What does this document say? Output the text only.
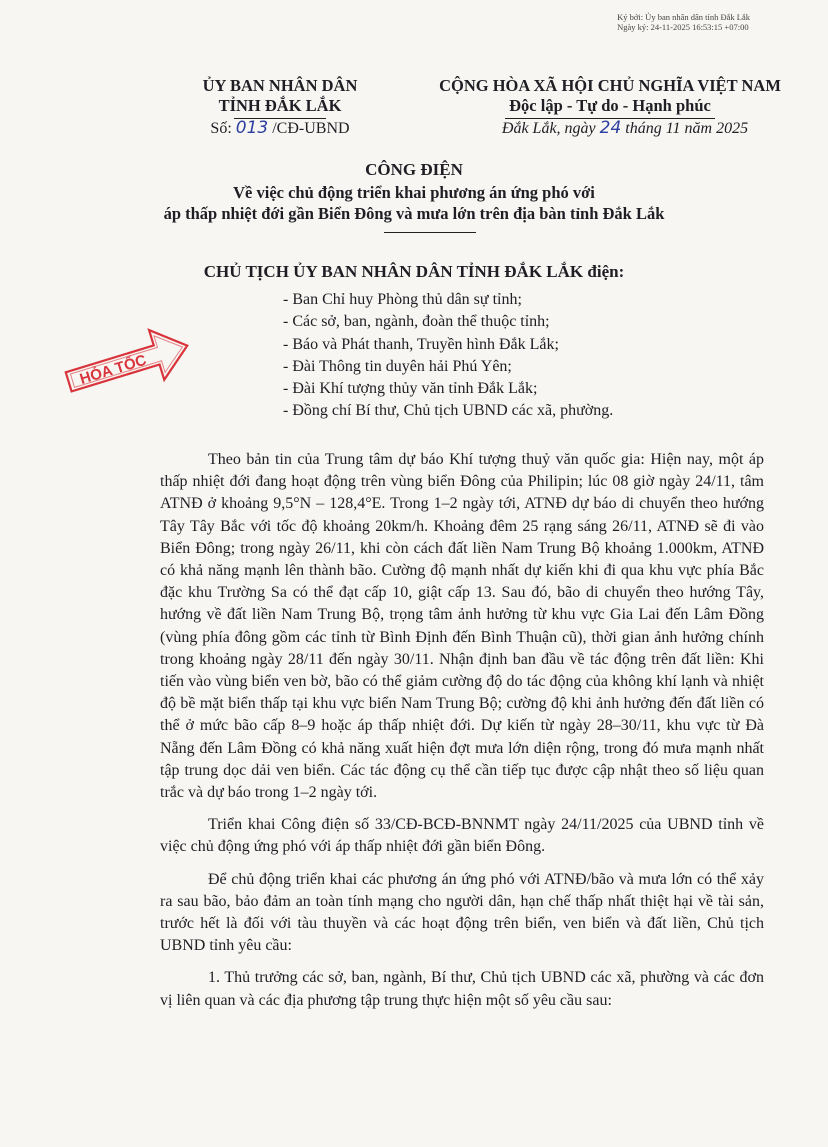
Ký bởi: Ủy ban nhân dân tỉnh Đắk Lắk
Ngày ký: 24-11-2025 16:53:15 +07:00
ỦY BAN NHÂN DÂN
TỈNH ĐẮK LẮK
CỘNG HÒA XÃ HỘI CHỦ NGHĨA VIỆT NAM
Độc lập - Tự do - Hạnh phúc
Số: 013 /CĐ-UBND	Đắk Lắk, ngày 24 tháng 11 năm 2025
CÔNG ĐIỆN
Về việc chủ động triển khai phương án ứng phó với
áp thấp nhiệt đới gần Biển Đông và mưa lớn trên địa bàn tỉnh Đắk Lắk
CHỦ TỊCH ỦY BAN NHÂN DÂN TỈNH ĐẮK LẮK điện:
- Ban Chỉ huy Phòng thủ dân sự tỉnh;
- Các sở, ban, ngành, đoàn thể thuộc tỉnh;
- Báo và Phát thanh, Truyền hình Đắk Lắk;
- Đài Thông tin duyên hải Phú Yên;
- Đài Khí tượng thủy văn tỉnh Đắk Lắk;
- Đồng chí Bí thư, Chủ tịch UBND các xã, phường.
HỎA TỐC

Theo bản tin của Trung tâm dự báo Khí tượng thuỷ văn quốc gia: Hiện nay, một áp thấp nhiệt đới đang hoạt động trên vùng biển Đông của Philipin; lúc 08 giờ ngày 24/11, tâm ATNĐ ở khoảng 9,5°N – 128,4°E. Trong 1–2 ngày tới, ATNĐ dự báo di chuyển theo hướng Tây Tây Bắc với tốc độ khoảng 20km/h. Khoảng đêm 25 rạng sáng 26/11, ATNĐ sẽ đi vào Biển Đông; trong ngày 26/11, khi còn cách đất liền Nam Trung Bộ khoảng 1.000km, ATNĐ có khả năng mạnh lên thành bão. Cường độ mạnh nhất dự kiến khi đi qua khu vực phía Bắc đặc khu Trường Sa có thể đạt cấp 10, giật cấp 13. Sau đó, bão di chuyển theo hướng Tây, hướng về đất liền Nam Trung Bộ, trọng tâm ảnh hưởng từ khu vực Gia Lai đến Lâm Đồng (vùng phía đông gồm các tỉnh từ Bình Định đến Bình Thuận cũ), thời gian ảnh hưởng chính trong khoảng ngày 28/11 đến ngày 30/11. Nhận định ban đầu về tác động trên đất liền: Khi tiến vào vùng biển ven bờ, bão có thể giảm cường độ do tác động của không khí lạnh và nhiệt độ bề mặt biển thấp tại khu vực biển Nam Trung Bộ; cường độ khi ảnh hưởng đến đất liền có thể ở mức bão cấp 8–9 hoặc áp thấp nhiệt đới. Dự kiến từ ngày 28–30/11, khu vực từ Đà Nẵng đến Lâm Đồng có khả năng xuất hiện đợt mưa lớn diện rộng, trong đó mưa mạnh nhất tập trung dọc dải ven biển. Các tác động cụ thể cần tiếp tục được cập nhật theo số liệu quan trắc và dự báo trong 1–2 ngày tới.

Triển khai Công điện số 33/CĐ-BCĐ-BNNMT ngày 24/11/2025 của UBND tỉnh về việc chủ động ứng phó với áp thấp nhiệt đới gần biển Đông.

Để chủ động triển khai các phương án ứng phó với ATNĐ/bão và mưa lớn có thể xảy ra sau bão, bảo đảm an toàn tính mạng cho người dân, hạn chế thấp nhất thiệt hại về tài sản, trước hết là đối với tàu thuyền và các hoạt động trên biển, ven biển và đất liền, Chủ tịch UBND tỉnh yêu cầu:

1. Thủ trưởng các sở, ban, ngành, Bí thư, Chủ tịch UBND các xã, phường và các đơn vị liên quan và các địa phương tập trung thực hiện một số yêu cầu sau:
